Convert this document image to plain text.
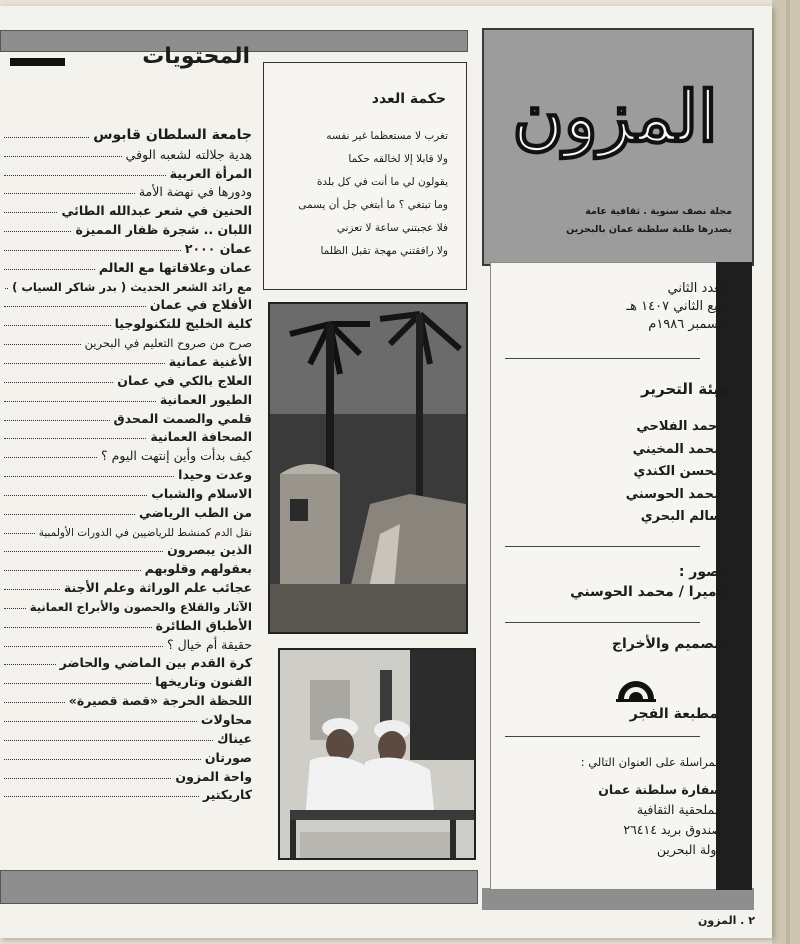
المزون
مجلة نصف سنوية . ثقافية عامة
يصدرها طلبة سلطنة عمان بالبحرين
العدد الثاني
ربيع الثاني ١٤٠٧ هـ
ديسمبر ١٩٨٦م
هيئة التحرير
أحمد الفلاحي
محمد المخيني
محسن الكندي
محمد الحوسني
سالم البحري
الصور :
كاميرا / محمد الحوسني
التصميم والأخراج
مطبعة الفجر
المراسلة على العنوان التالي :
سفارة سلطنة عمان
الملحقية الثقافية
صندوق بريد ٢٦٤١٤
دولة البحرين
حكمة العدد
تغرب لا مستعظما غير نفسه
ولا قابلا إلا لخالقه حكما
يقولون لي ما أنت في كل بلدة
وما تبتغي ؟ ما أبتغي جل أن يسمى
فلا عجبتني ساعة لا تعزني
ولا رافقتني مهجة تقبل الظلما
المحتويات
جامعة السلطان قابوس
هدية جلالته لشعبه الوفي
المرأة العربية
ودورها في نهضة الأمة
الحنين في شعر عبدالله الطائي
اللبان .. شجرة ظفار المميزة
عمان ٢٠٠٠
عمان وعلاقاتها مع العالم
مع رائد الشعر الحديث ( بدر شاكر السياب )
الأفلاج في عمان
كلية الخليج للتكنولوجيا
صرح من صروح التعليم في البحرين
الأغنية عمانية
العلاج بالكي في عمان
الطيور العمانية
قلمي والصمت المحدق
الصحافة العمانية
كيف بدأت وأين إنتهت اليوم ؟
وعدت وحيدا
الاسلام والشباب
من الطب الرياضي
نقل الدم كمنشط للرياضيين في الدورات الأولمبية
الذين يبصرون
بعقولهم وقلوبهم
عجائب علم الوراثة وعلم الأجنة
الآثار والقلاع والحصون والأبراج العمانية
الأطباق الطائرة
حقيقة أم خيال ؟
كرة القدم بين الماضي والحاضر
الفنون وتاريخها
اللحظة الحرجة «قصة قصيرة»
محاولات
عيناك
صورتان
واحة المزون
كاريكتير
٢ . المزون
